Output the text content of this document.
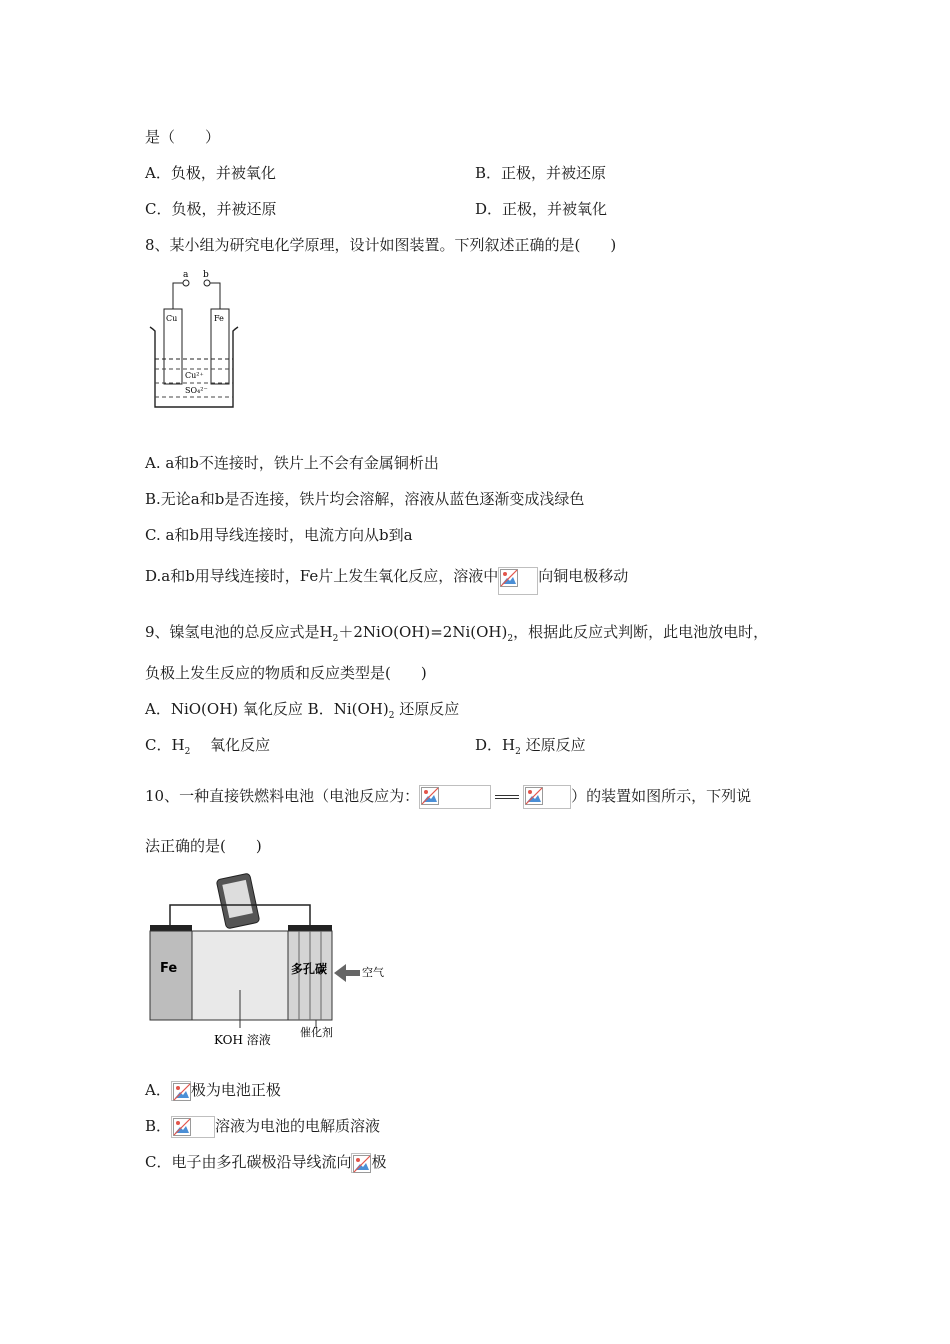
是（　　）
A．负极，并被氧化	B．正极，并被还原
C．负极，并被还原	D．正极，并被氧化
8、某小组为研究电化学原理，设计如图装置。下列叙述正确的是(　　)
a b
Cu	Fe
Cu²⁺
SO₄²⁻
A. a和b不连接时，铁片上不会有金属铜析出
B.无论a和b是否连接，铁片均会溶解，溶液从蓝色逐渐变成浅绿色
C. a和b用导线连接时，电流方向从b到a
D.a和b用导线连接时，Fe片上发生氧化反应，溶液中	向铜电极移动
9、镍氢电池的总反应式是$H_2+2NiO(OH)=2Ni(OH)_2$，根据此反应式判断，此电池放电时，
负极上发生反应的物质和反应类型是(　　)
A．NiO(OH) 氧化反应 B．$Ni(OH)_2$ 还原反应
C．$H_2$　 氧化反应	D．$H_2$ 还原反应
10、一种直接铁燃料电池（电池反应为：	）的装置如图所示，下列说
法正确的是(　　)
Fe	多孔碳	空气
KOH 溶液
催化剂
A． 极为电池正极
B．	溶液为电池的电解质溶液
C．电子由多孔碳极沿导线流向 极
